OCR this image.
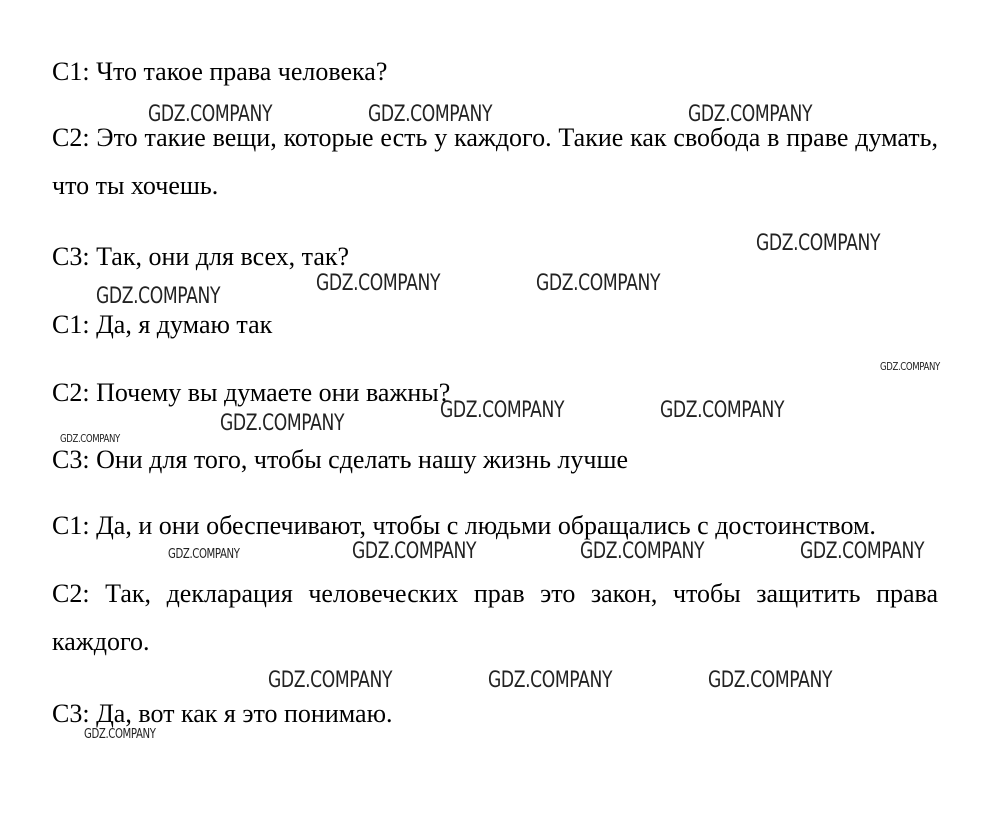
C1: Что такое права человека?

C2: Это такие вещи, которые есть у каждого. Такие как свобода в праве думать, что ты хочешь.

C3: Так, они для всех, так?

C1: Да, я думаю так

C2: Почему вы думаете они важны?

C3: Они для того, чтобы сделать нашу жизнь лучше

C1: Да, и они обеспечивают, чтобы с людьми обращались с достоинством.

C2: Так, декларация человеческих прав это закон, чтобы защитить права каждого.

C3: Да, вот как я это понимаю.

GDZ.COMPANY	GDZ.COMPANY	GDZ.COMPANY
GDZ.COMPANY
GDZ.COMPANY	GDZ.COMPANY
GDZ.COMPANY
GDZ.COMPANY
GDZ.COMPANY	GDZ.COMPANY
GDZ.COMPANY
GDZ.COMPANY
GDZ.COMPANY	GDZ.COMPANY	GDZ.COMPANY
GDZ.COMPANY
GDZ.COMPANY	GDZ.COMPANY	GDZ.COMPANY
GDZ.COMPANY
